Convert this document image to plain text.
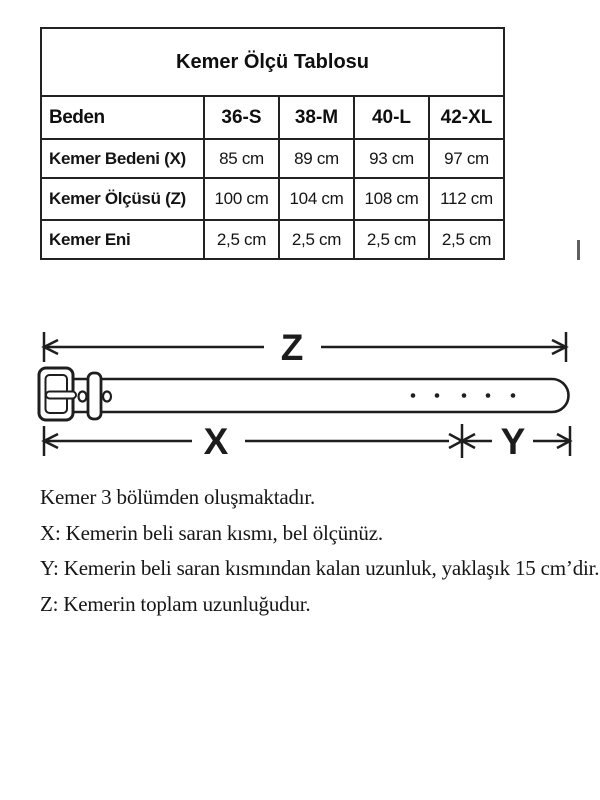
Kemer Ölçü Tablosu				
Beden	36-S	38-M	40-L	42-XL
Kemer Bedeni (X)	85 cm	89 cm	93 cm	97 cm
Kemer Ölçüsü (Z)	100 cm	104 cm	108 cm	112 cm
Kemer Eni	2,5 cm	2,5 cm	2,5 cm	2,5 cm
Z
X	Y
Kemer 3 bölümden oluşmaktadır.
X: Kemerin beli saran kısmı, bel ölçünüz.
Y: Kemerin beli saran kısmından kalan uzunluk, yaklaşık 15 cm’dir.
Z: Kemerin toplam uzunluğudur.
